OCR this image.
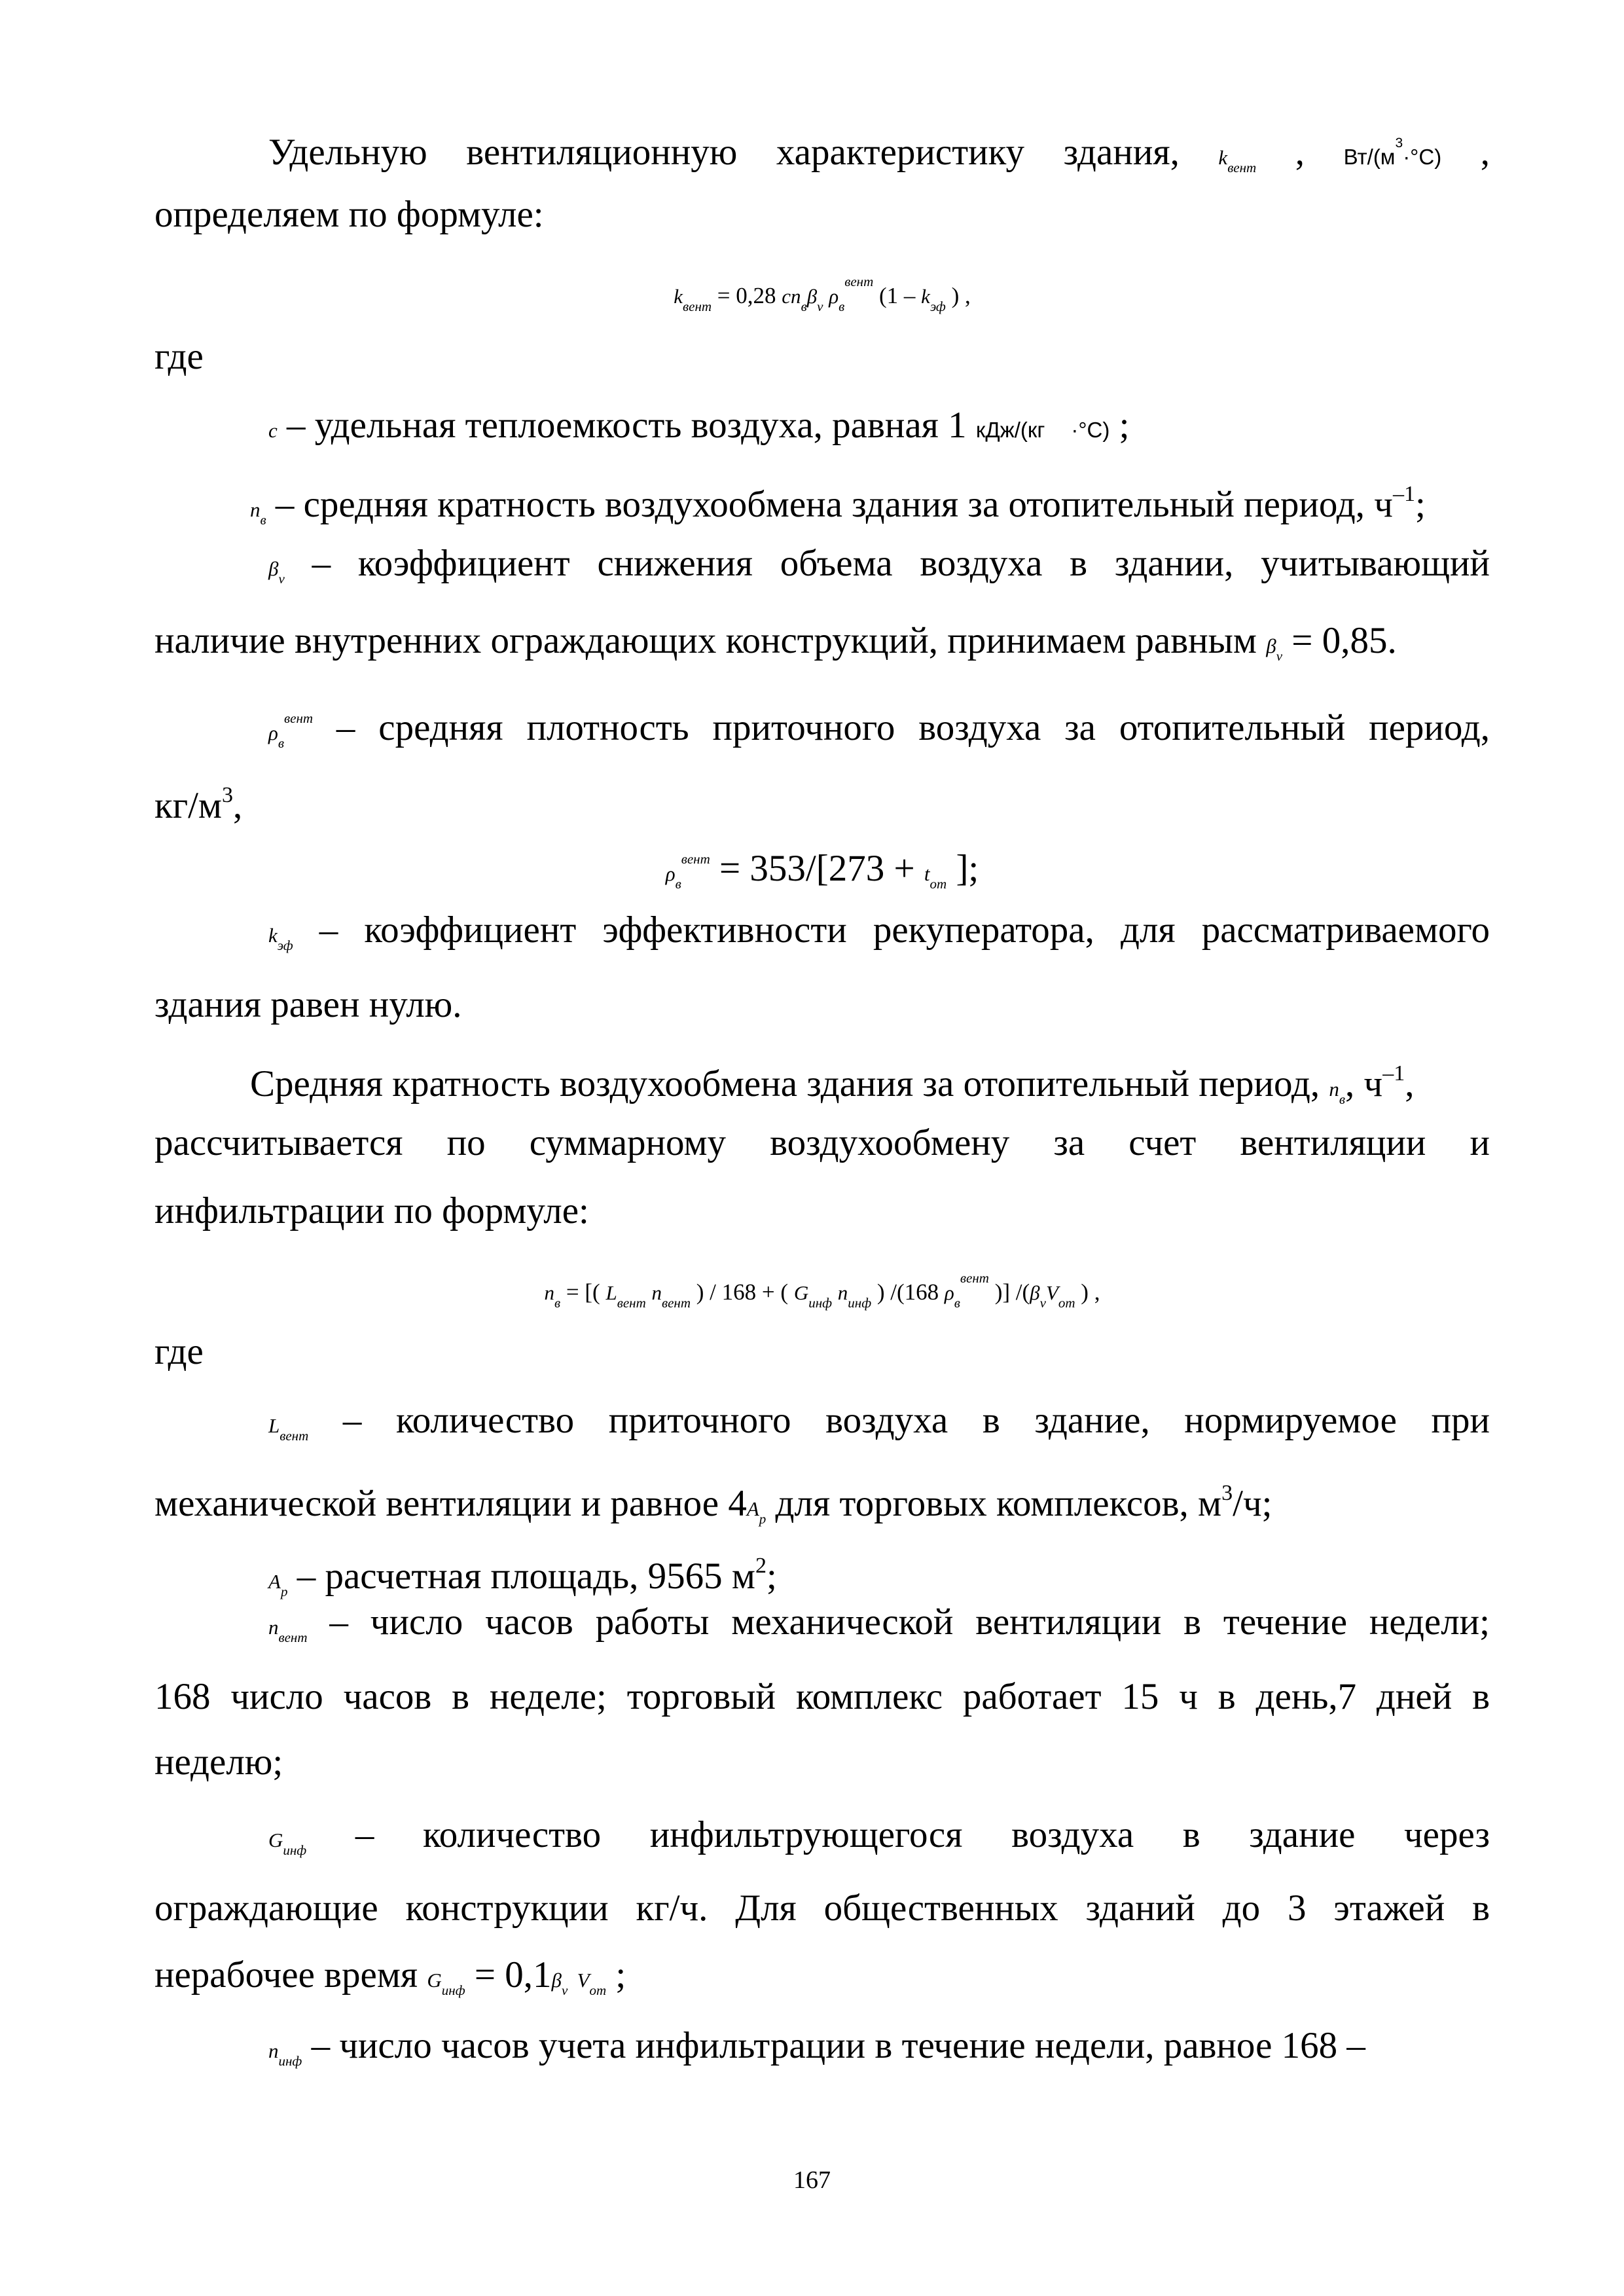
Удельную вентиляционную характеристику здания, $k_{вент}$ , $Вт/(м^3\cdot^\circ C)$ ,
определяем по формуле:
$k_{вент} = 0,28$ $cn_в\beta_v$ $\rho_в^{вент}$ ($1 - k_{эф}$ ) ,
где
c – удельная теплоемкость воздуха, равная 1 кДж/(кг ·°C) ;
$n_в$ – средняя кратность воздухообмена здания за отопительный период, $ч^{-1}$;
$\beta_v$ – коэффициент снижения объема воздуха в здании, учитывающий
наличие внутренних ограждающих конструкций, принимаем равным $\beta_v = 0,85$.
$\rho_в^{вент}$ – средняя плотность приточного воздуха за отопительный период,
$кг/м^3$,
$\rho_в^{вент} = 353/[273 + t_{от}$ ];
$k_{эф}$ – коэффициент эффективности рекуператора, для рассматриваемого
здания равен нулю.
Средняя кратность воздухообмена здания за отопительный период, $n_в$, $ч^{-1}$,
рассчитывается по суммарному воздухообмену за счет вентиляции и
инфильтрации по формуле:
$n_в$ = [( $L_{вент}$ $n_{вент}$ ) / 168 + ( $G_{инф}$ $n_{инф}$ ) /(168 $\rho_в^{вент}$ )] $/(\beta_vV_{от}$ ) ,
где
$L_{вент}$ – количество приточного воздуха в здание, нормируемое при
механической вентиляции и равное $4A_р$ для торговых комплексов, $м^3/ч$;
$A_р$ – расчетная площадь, 9565 $м^2$;
$n_{вент}$ – число часов работы механической вентиляции в течение недели;
168 число часов в неделе; торговый комплекс работает 15 ч в день,7 дней в
неделю;
$G_{инф}$ – количество инфильтрующегося воздуха в здание через
ограждающие конструкции кг/ч. Для общественных зданий до 3 этажей в
нерабочее время $G_{инф} = 0,1\beta_v$ $V_{от}$ ;
$n_{инф}$ – число часов учета инфильтрации в течение недели, равное 168 –
167
